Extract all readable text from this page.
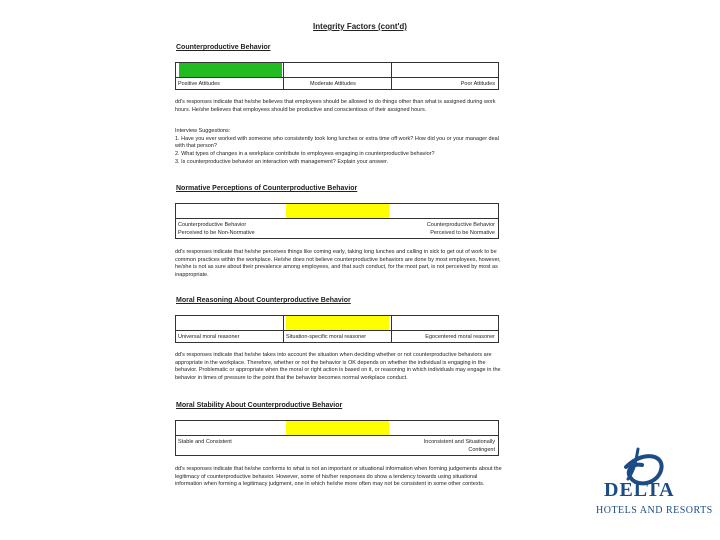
Integrity Factors (cont'd)
Counterproductive Behavior
Positive Attitudes	Moderate Attitudes	Poor Attitudes

dd's responses indicate that he/she believes that employees should be allowed to do things other than what is assigned during work hours. He/she believes that employees should be productive and conscientious of their assigned hours.

Interview Suggestions:
1. Have you ever worked with someone who consistently took long lunches or extra time off work? How did you or your manager deal with that person?
2. What types of changes in a workplace contribute to employees engaging in counterproductive behavior?
3. Is counterproductive behavior an interaction with management? Explain your answer.

Normative Perceptions of Counterproductive Behavior
Counterproductive Behavior
Perceived to be Non-Normative
Counterproductive Behavior
Perceived to be Normative

dd's responses indicate that he/she perceives things like coming early, taking long lunches and calling in sick to get out of work to be common practices within the workplace. He/she does not believe counterproductive behaviors are done by most employees, however, he/she is not as sure about their prevalence among employees, and that such conduct, for the most part, is not perceived by most as inappropriate.

Moral Reasoning About Counterproductive Behavior
Universal moral reasoner	Situation-specific moral reasoner	Egocentered moral reasoner

dd's responses indicate that he/she takes into account the situation when deciding whether or not counterproductive behaviors are appropriate in the workplace. Therefore, whether or not the behavior is OK depends on whether the individual is engaging in the behavior. Problematic or appropriate when the moral or right action is based on it, or reasoning in which individuals may engage in the behavior in times of pressure to the point that the behavior becomes normal workplace conduct.

Moral Stability About Counterproductive Behavior
Stable and Consistent	Inconsistent and Situationally
Contingent

dd's responses indicate that he/she conforms to what is not an important or situational information when forming judgements about the legitimacy of counterproductive behavior. However, some of his/her responses do show a tendency towards using situational information when forming a legitimacy judgment, one in which he/she more often may not be consistent in some other contexts.	DELTA
HOTELS AND RESORTS
